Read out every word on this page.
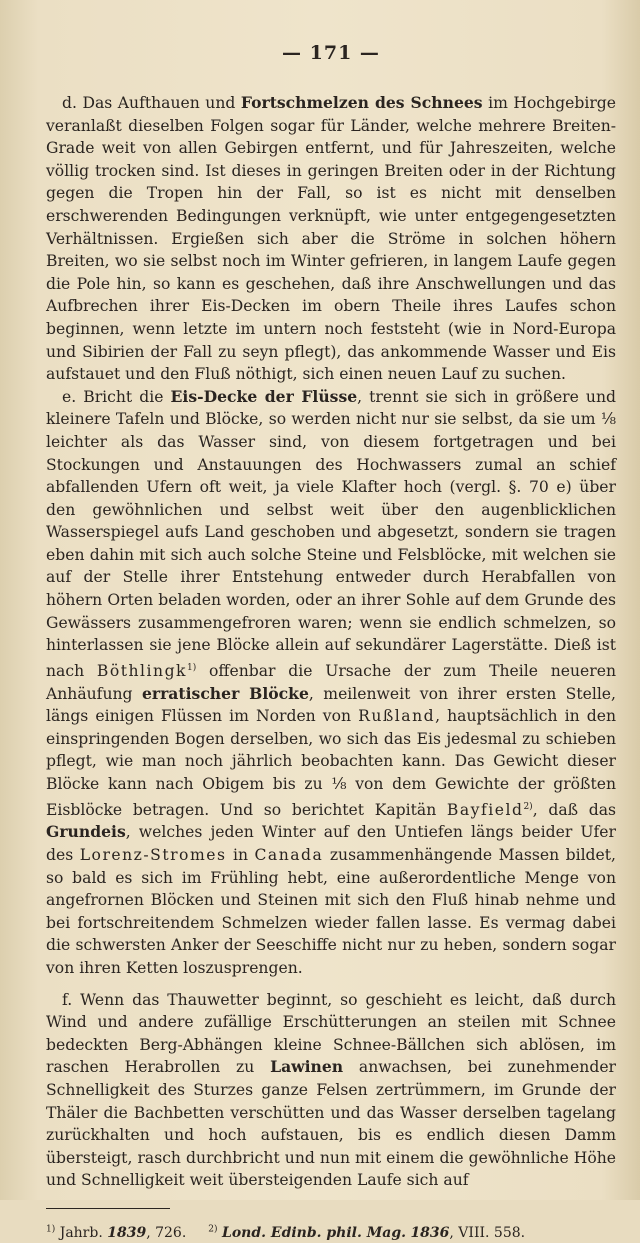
— 171 —

d. Das Aufthauen und Fortschmelzen des Schnees im Hochgebirge veranlaßt dieselben Folgen sogar für Länder, welche mehrere Breiten-Grade weit von allen Gebirgen entfernt, und für Jahreszeiten, welche völlig trocken sind. Ist dieses in geringen Breiten oder in der Richtung gegen die Tropen hin der Fall, so ist es nicht mit denselben erschwerenden Bedingungen verknüpft, wie unter entgegengesetzten Verhältnissen. Ergießen sich aber die Ströme in solchen höhern Breiten, wo sie selbst noch im Winter gefrieren, in langem Laufe gegen die Pole hin, so kann es geschehen, daß ihre Anschwellungen und das Aufbrechen ihrer Eis-Decken im obern Theile ihres Laufes schon beginnen, wenn letzte im untern noch feststeht (wie in Nord-Europa und Sibirien der Fall zu seyn pflegt), das ankommende Wasser und Eis aufstauet und den Fluß nöthigt, sich einen neuen Lauf zu suchen.

e. Bricht die Eis-Decke der Flüsse, trennt sie sich in größere und kleinere Tafeln und Blöcke, so werden nicht nur sie selbst, da sie um ⅛ leichter als das Wasser sind, von diesem fortgetragen und bei Stockungen und Anstauungen des Hochwassers zumal an schief abfallenden Ufern oft weit, ja viele Klafter hoch (vergl. §. 70 e) über den gewöhnlichen und selbst weit über den augenblicklichen Wasserspiegel aufs Land geschoben und abgesetzt, sondern sie tragen eben dahin mit sich auch solche Steine und Felsblöcke, mit welchen sie auf der Stelle ihrer Entstehung entweder durch Herabfallen von höhern Orten beladen worden, oder an ihrer Sohle auf dem Grunde des Gewässers zusammengefroren waren; wenn sie endlich schmelzen, so hinterlassen sie jene Blöcke allein auf sekundärer Lagerstätte. Dieß ist nach Böthlingk$^{1)}$ offenbar die Ursache der zum Theile neueren Anhäufung erratischer Blöcke, meilenweit von ihrer ersten Stelle, längs einigen Flüssen im Norden von Rußland, hauptsächlich in den einspringenden Bogen derselben, wo sich das Eis jedesmal zu schieben pflegt, wie man noch jährlich beobachten kann. Das Gewicht dieser Blöcke kann nach Obigem bis zu ⅛ von dem Gewichte der größten Eisblöcke betragen. Und so berichtet Kapitän Bayfield$^{2)}$, daß das Grundeis, welches jeden Winter auf den Untiefen längs beider Ufer des Lorenz-Stromes in Canada zusammenhängende Massen bildet, so bald es sich im Frühling hebt, eine außerordentliche Menge von angefrornen Blöcken und Steinen mit sich den Fluß hinab nehme und bei fortschreitendem Schmelzen wieder fallen lasse. Es vermag dabei die schwersten Anker der Seeschiffe nicht nur zu heben, sondern sogar von ihren Ketten loszusprengen.

f. Wenn das Thauwetter beginnt, so geschieht es leicht, daß durch Wind und andere zufällige Erschütterungen an steilen mit Schnee bedeckten Berg-Abhängen kleine Schnee-Bällchen sich ablösen, im raschen Herabrollen zu Lawinen anwachsen, bei zunehmender Schnelligkeit des Sturzes ganze Felsen zertrümmern, im Grunde der Thäler die Bachbetten verschütten und das Wasser derselben tagelang zurückhalten und hoch aufstauen, bis es endlich diesen Damm übersteigt, rasch durchbricht und nun mit einem die gewöhnliche Höhe und Schnelligkeit weit übersteigenden Laufe sich auf

$^{1)}$ Jahrb. 1839, 726. $^{2)}$ Lond. Edinb. phil. Mag. 1836, VIII. 558.
